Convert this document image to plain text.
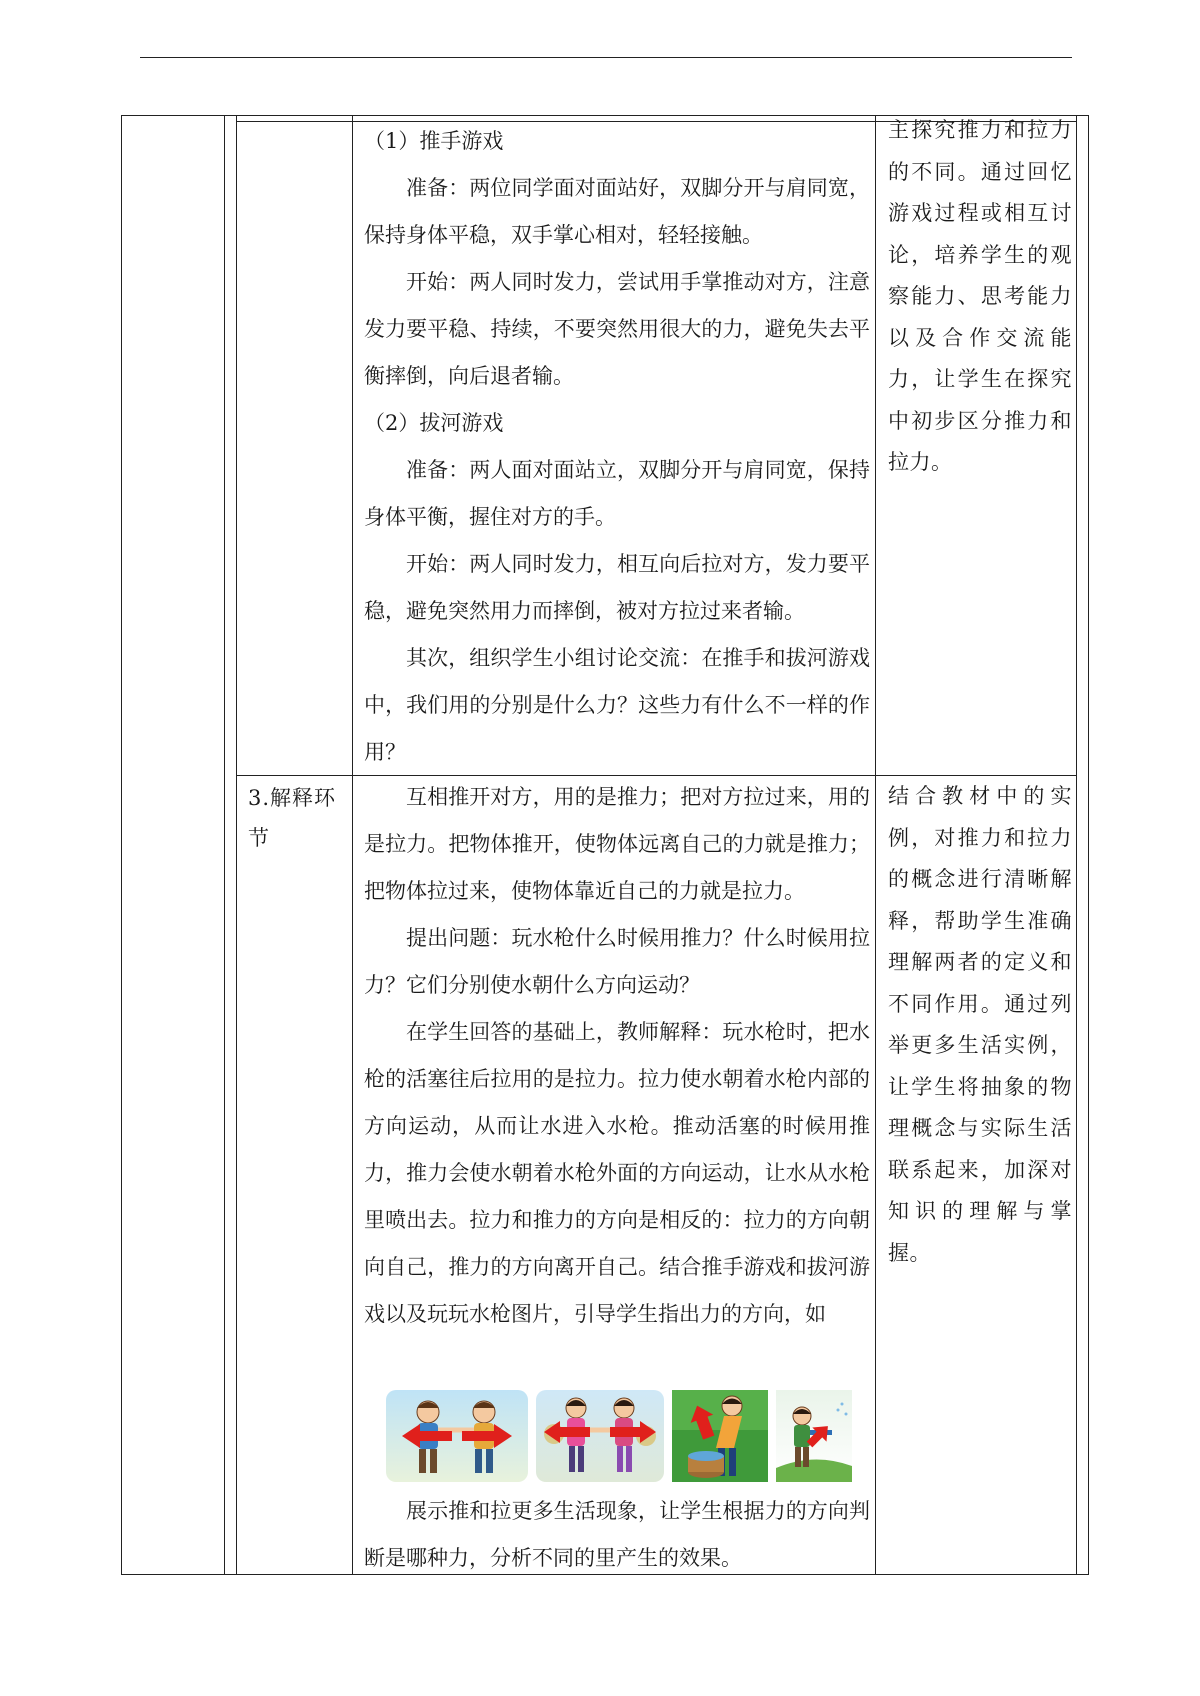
（1）推手游戏

准备：两位同学面对面站好，双脚分开与肩同宽，保持身体平稳，双手掌心相对，轻轻接触。

开始：两人同时发力，尝试用手掌推动对方，注意发力要平稳、持续，不要突然用很大的力，避免失去平衡摔倒，向后退者输。

（2）拔河游戏

准备：两人面对面站立，双脚分开与肩同宽，保持身体平衡，握住对方的手。

开始：两人同时发力，相互向后拉对方，发力要平稳，避免突然用力而摔倒，被对方拉过来者输。

其次，组织学生小组讨论交流：在推手和拔河游戏中，我们用的分别是什么力？这些力有什么不一样的作用？

主探究推力和拉力的不同。通过回忆游戏过程或相互讨论，培养学生的观察能力、思考能力以及合作交流能力，让学生在探究中初步区分推力和拉力。
3.解释环节

互相推开对方，用的是推力；把对方拉过来，用的是拉力。把物体推开，使物体远离自己的力就是推力；把物体拉过来，使物体靠近自己的力就是拉力。

提出问题：玩水枪什么时候用推力？什么时候用拉力？它们分别使水朝什么方向运动？

在学生回答的基础上，教师解释：玩水枪时，把水枪的活塞往后拉用的是拉力。拉力使水朝着水枪内部的方向运动，从而让水进入水枪。推动活塞的时候用推力，推力会使水朝着水枪外面的方向运动，让水从水枪里喷出去。拉力和推力的方向是相反的：拉力的方向朝向自己，推力的方向离开自己。结合推手游戏和拔河游戏以及玩玩水枪图片，引导学生指出力的方向，如

展示推和拉更多生活现象，让学生根据力的方向判断是哪种力，分析不同的里产生的效果。

结合教材中的实例，对推力和拉力的概念进行清晰解释，帮助学生准确理解两者的定义和不同作用。通过列举更多生活实例，让学生将抽象的物理概念与实际生活联系起来，加深对知识的理解与掌握。
